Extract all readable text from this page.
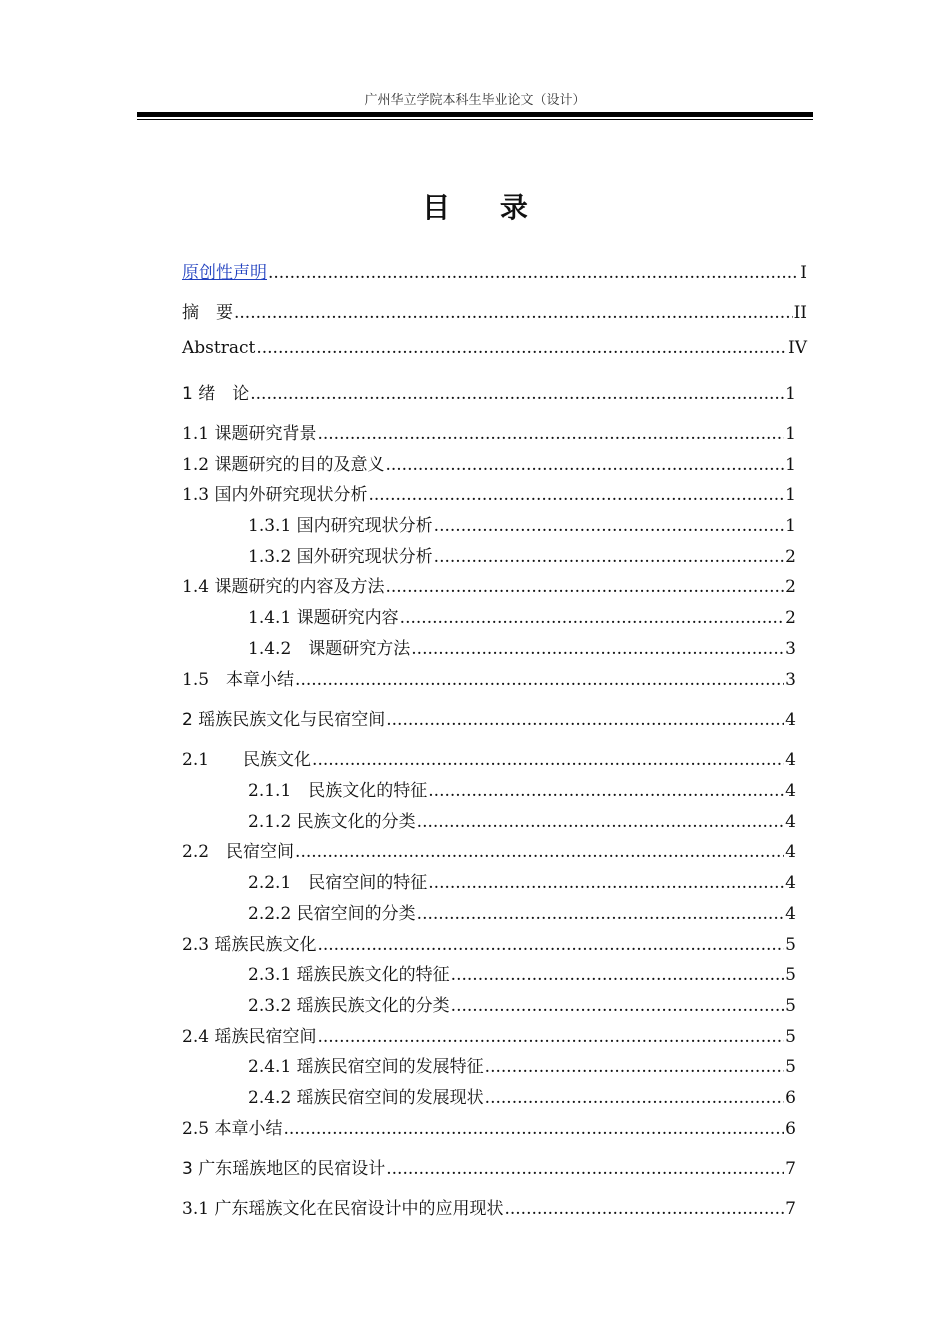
广州华立学院本科生毕业论文（设计）
目 录
原创性声明 .....	I
摘　要 .....	II
Abstract .....	IV
1 绪　论 .....	1
1.1 课题研究背景 .....	1
1.2 课题研究的目的及意义 .....	1
1.3 国内外研究现状分析 .....	1
1.3.1 国内研究现状分析 .....	1
1.3.2 国外研究现状分析 .....	2
1.4 课题研究的内容及方法 .....	2
1.4.1 课题研究内容 .....	2
1.4.2　课题研究方法 .....	3
1.5　本章小结 .....	3
2 瑶族民族文化与民宿空间 .....	4
2.1　　民族文化 .....	4
2.1.1　民族文化的特征 .....	4
2.1.2 民族文化的分类 .....	4
2.2　民宿空间 .....	4
2.2.1　民宿空间的特征 .....	4
2.2.2 民宿空间的分类 .....	4
2.3 瑶族民族文化 .....	5
2.3.1 瑶族民族文化的特征 .....	5
2.3.2 瑶族民族文化的分类 .....	5
2.4 瑶族民宿空间 .....	5
2.4.1 瑶族民宿空间的发展特征 .....	5
2.4.2 瑶族民宿空间的发展现状 .....	6
2.5 本章小结 .....	6
3 广东瑶族地区的民宿设计 .....	7
3.1 广东瑶族文化在民宿设计中的应用现状 .....	7
